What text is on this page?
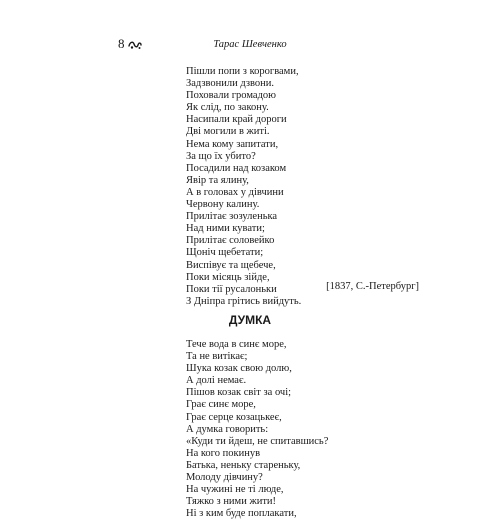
8	Тарас Шевченко
Пішли попи з корогвами,
Задзвонили дзвони.
Поховали громадою
Як слід, по закону.
Насипали край дороги
Дві могили в житі.
Нема кому запитати,
За що їх убито?
Посадили над козаком
Явір та ялину,
А в головах у дівчини
Червону калину.
Прилітає зозуленька
Над ними кувати;
Прилітає соловейко
Щоніч щебетати;
Виспівує та щебече,
Поки місяць зійде,
Поки тії русалоньки
З Дніпра грітись вийдуть.
[1837, С.-Петербург]
ДУМКА
Тече вода в синє море,
Та не витікає;
Шука козак свою долю,
А долі немає.
Пішов козак світ за очі;
Грає синє море,
Грає серце козацькеє,
А думка говорить:
«Куди ти йдеш, не спитавшись?
На кого покинув
Батька, неньку стареньку,
Молоду дівчину?
На чужині не ті люде,
Тяжко з ними жити!
Ні з ким буде поплакати,
